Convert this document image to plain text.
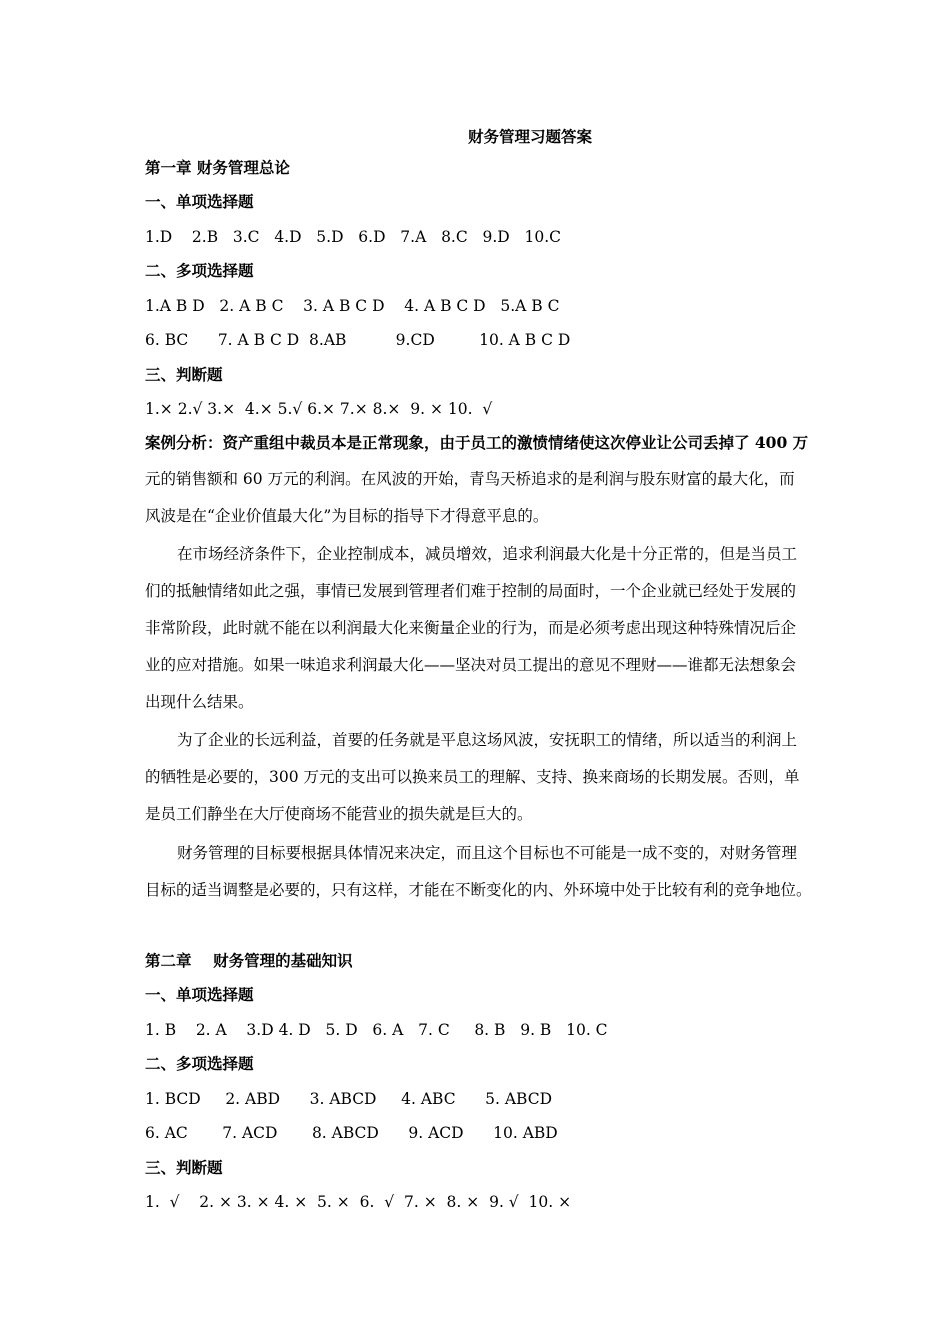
财务管理习题答案
第一章 财务管理总论
一、单项选择题
1.D    2.B   3.C   4.D   5.D   6.D   7.A   8.C   9.D   10.C
二、多项选择题
1.A B D   2. A B C    3. A B C D    4. A B C D   5.A B C
6. BC      7. A B C D  8.AB          9.CD         10. A B C D
三、判断题
1.× 2.√ 3.×  4.× 5.√ 6.× 7.× 8.×  9. × 10.  √
案例分析：资产重组中裁员本是正常现象，由于员工的激愤情绪使这次停业让公司丢掉了 400 万
元的销售额和 60 万元的利润。在风波的开始，青鸟天桥追求的是利润与股东财富的最大化，而
风波是在“企业价值最大化”为目标的指导下才得意平息的。
在市场经济条件下，企业控制成本，减员增效，追求利润最大化是十分正常的，但是当员工
们的抵触情绪如此之强，事情已发展到管理者们难于控制的局面时，一个企业就已经处于发展的
非常阶段，此时就不能在以利润最大化来衡量企业的行为，而是必须考虑出现这种特殊情况后企
业的应对措施。如果一味追求利润最大化——坚决对员工提出的意见不理财——谁都无法想象会
出现什么结果。
为了企业的长远利益，首要的任务就是平息这场风波，安抚职工的情绪，所以适当的利润上
的牺牲是必要的，300 万元的支出可以换来员工的理解、支持、换来商场的长期发展。否则，单
是员工们静坐在大厅使商场不能营业的损失就是巨大的。
财务管理的目标要根据具体情况来决定，而且这个目标也不可能是一成不变的，对财务管理
目标的适当调整是必要的，只有这样，才能在不断变化的内、外环境中处于比较有利的竞争地位。
第二章    财务管理的基础知识
一、单项选择题
1. B    2. A    3.D 4. D   5. D   6. A   7. C     8. B   9. B   10. C
二、多项选择题
1. BCD     2. ABD      3. ABCD     4. ABC      5. ABCD
6. AC       7. ACD       8. ABCD      9. ACD      10. ABD
三、判断题
1.  √    2. × 3. × 4. ×  5. ×  6.  √  7. ×  8. ×  9. √  10. ×
